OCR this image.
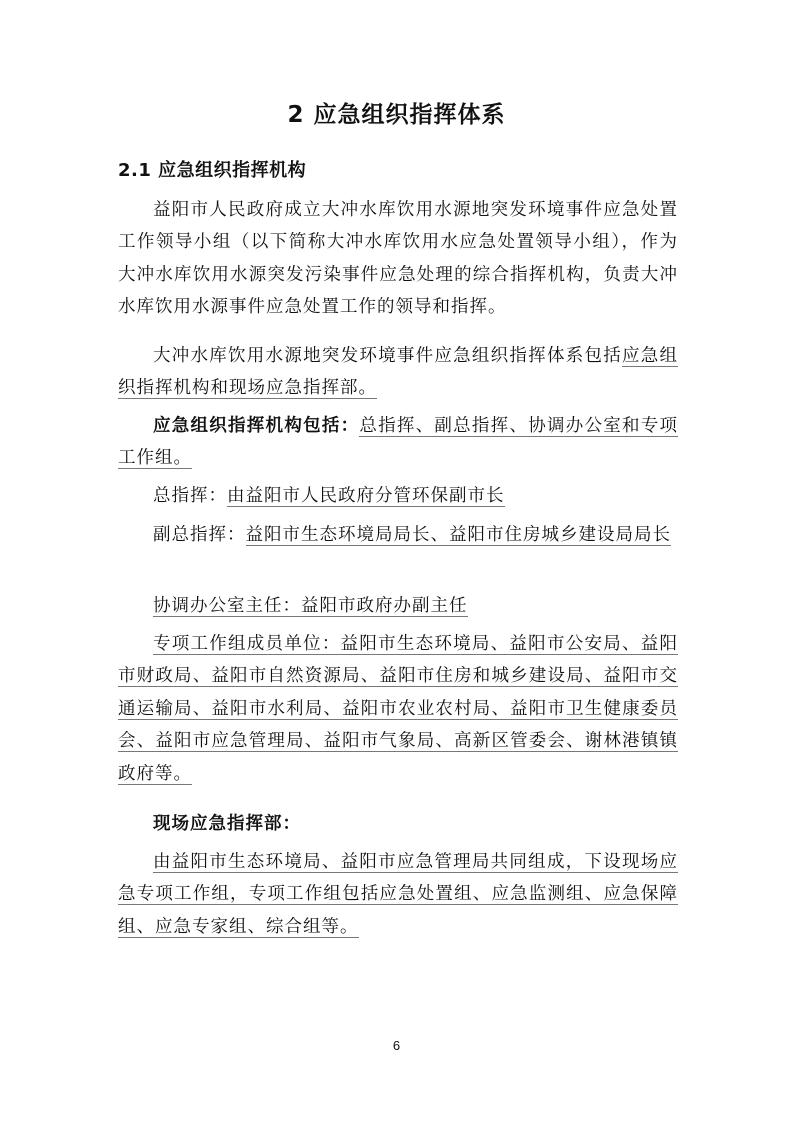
2 应急组织指挥体系
2.1 应急组织指挥机构
益阳市人民政府成立大冲水库饮用水源地突发环境事件应急处置工作领导小组（以下简称大冲水库饮用水应急处置领导小组），作为大冲水库饮用水源突发污染事件应急处理的综合指挥机构，负责大冲水库饮用水源事件应急处置工作的领导和指挥。
大冲水库饮用水源地突发环境事件应急组织指挥体系包括应急组织指挥机构和现场应急指挥部。
应急组织指挥机构包括：总指挥、副总指挥、协调办公室和专项工作组。
总指挥：由益阳市人民政府分管环保副市长
副总指挥：益阳市生态环境局局长、益阳市住房城乡建设局局长
协调办公室主任：益阳市政府办副主任
专项工作组成员单位：益阳市生态环境局、益阳市公安局、益阳市财政局、益阳市自然资源局、益阳市住房和城乡建设局、益阳市交通运输局、益阳市水利局、益阳市农业农村局、益阳市卫生健康委员会、益阳市应急管理局、益阳市气象局、高新区管委会、谢林港镇镇政府等。
现场应急指挥部：
由益阳市生态环境局、益阳市应急管理局共同组成，下设现场应急专项工作组，专项工作组包括应急处置组、应急监测组、应急保障组、应急专家组、综合组等。
6
